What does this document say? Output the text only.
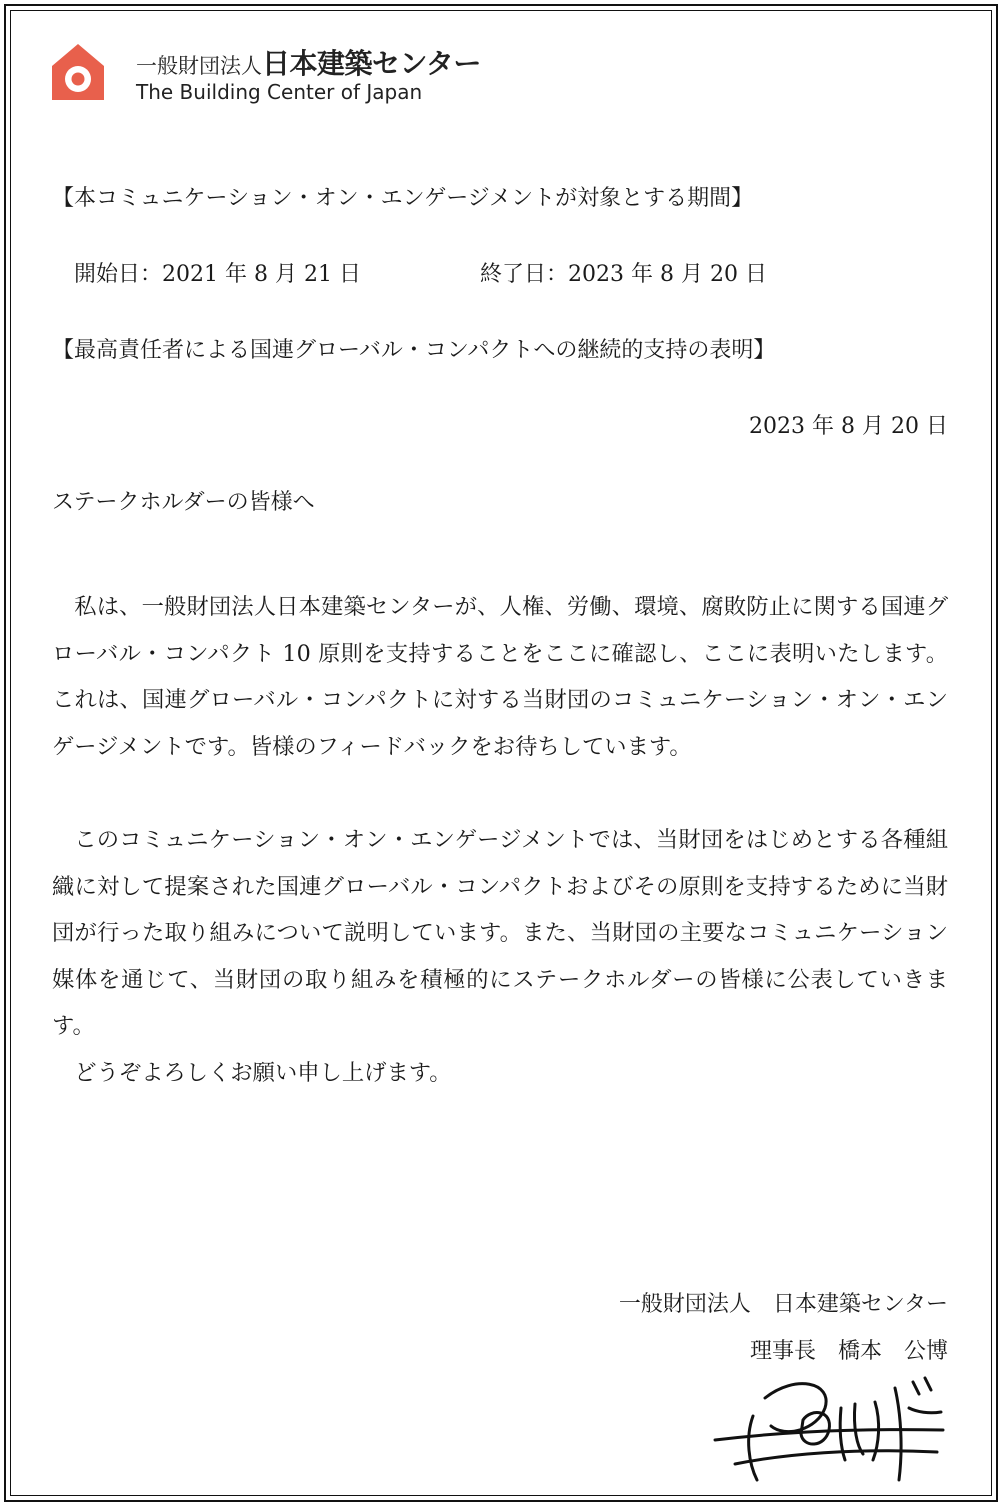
一般財団法人日本建築センター
The Building Center of Japan
【本コミュニケーション・オン・エンゲージメントが対象とする期間】
開始日：2021 年 8 月 21 日	終了日：2023 年 8 月 20 日
【最高責任者による国連グローバル・コンパクトへの継続的支持の表明】
2023 年 8 月 20 日
ステークホルダーの皆様へ

私は、一般財団法人日本建築センターが、人権、労働、環境、腐敗防止に関する国連グローバル・コンパクト 10 原則を支持することをここに確認し、ここに表明いたします。これは、国連グローバル・コンパクトに対する当財団のコミュニケーション・オン・エンゲージメントです。皆様のフィードバックをお待ちしています。

このコミュニケーション・オン・エンゲージメントでは、当財団をはじめとする各種組織に対して提案された国連グローバル・コンパクトおよびその原則を支持するために当財団が行った取り組みについて説明しています。また、当財団の主要なコミュニケーション媒体を通じて、当財団の取り組みを積極的にステークホルダーの皆様に公表していきます。

どうぞよろしくお願い申し上げます。

一般財団法人　日本建築センター
理事長　橋本　公博
